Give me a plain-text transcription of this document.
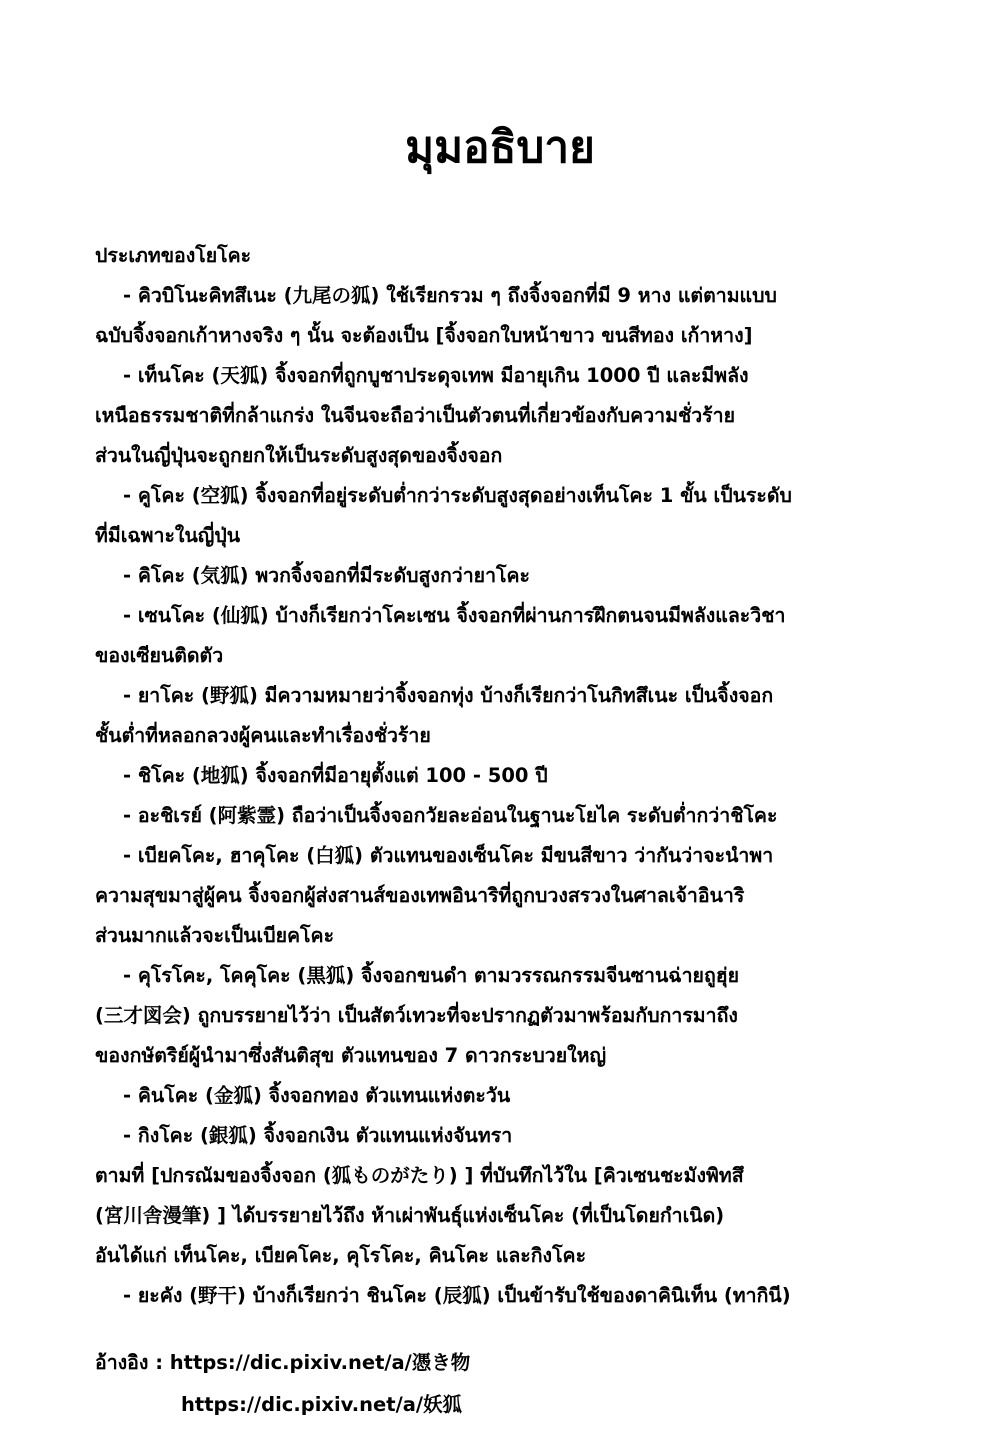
มุมอธิบาย
ประเภทของโยโคะ
- คิวบิโนะคิทสึเนะ (九尾の狐) ใช้เรียกรวม ๆ ถึงจิ้งจอกที่มี 9 หาง แต่ตามแบบ
ฉบับจิ้งจอกเก้าหางจริง ๆ นั้น จะต้องเป็น [จิ้งจอกใบหน้าขาว ขนสีทอง เก้าหาง]
- เท็นโคะ (天狐) จิ้งจอกที่ถูกบูชาประดุจเทพ มีอายุเกิน 1000 ปี และมีพลัง
เหนือธรรมชาติที่กล้าแกร่ง ในจีนจะถือว่าเป็นตัวตนที่เกี่ยวข้องกับความชั่วร้าย
ส่วนในญี่ปุ่นจะถูกยกให้เป็นระดับสูงสุดของจิ้งจอก
- คูโคะ (空狐) จิ้งจอกที่อยู่ระดับต่ำกว่าระดับสูงสุดอย่างเท็นโคะ 1 ขั้น เป็นระดับ
ที่มีเฉพาะในญี่ปุ่น
- คิโคะ (気狐) พวกจิ้งจอกที่มีระดับสูงกว่ายาโคะ
- เซนโคะ (仙狐) บ้างก็เรียกว่าโคะเซน จิ้งจอกที่ผ่านการฝึกตนจนมีพลังและวิชา
ของเซียนติดตัว
- ยาโคะ (野狐) มีความหมายว่าจิ้งจอกทุ่ง บ้างก็เรียกว่าโนกิทสึเนะ เป็นจิ้งจอก
ชั้นต่ำที่หลอกลวงผู้คนและทำเรื่องชั่วร้าย
- ชิโคะ (地狐) จิ้งจอกที่มีอายุตั้งแต่ 100 - 500 ปี
- อะชิเรย์ (阿紫霊) ถือว่าเป็นจิ้งจอกวัยละอ่อนในฐานะโยไค ระดับต่ำกว่าชิโคะ
- เบียคโคะ, ฮาคุโคะ (白狐) ตัวแทนของเซ็นโคะ มีขนสีขาว ว่ากันว่าจะนำพา
ความสุขมาสู่ผู้คน จิ้งจอกผู้ส่งสานส์ของเทพอินาริที่ถูกบวงสรวงในศาลเจ้าอินาริ
ส่วนมากแล้วจะเป็นเบียคโคะ
- คุโรโคะ, โคคุโคะ (黒狐) จิ้งจอกขนดำ ตามวรรณกรรมจีนซานฉ่ายถูฮุ่ย
(三才図会) ถูกบรรยายไว้ว่า เป็นสัตว์เทวะที่จะปรากฏตัวมาพร้อมกับการมาถึง
ของกษัตริย์ผู้นำมาซึ่งสันติสุข ตัวแทนของ 7 ดาวกระบวยใหญ่
- คินโคะ (金狐) จิ้งจอกทอง ตัวแทนแห่งตะวัน
- กิงโคะ (銀狐) จิ้งจอกเงิน ตัวแทนแห่งจันทรา
ตามที่ [ปกรณัมของจิ้งจอก (狐ものがたり) ] ที่บันทึกไว้ใน [คิวเซนชะมังพิทสึ
(宮川舎漫筆) ] ได้บรรยายไว้ถึง ห้าเผ่าพันธุ์แห่งเซ็นโคะ (ที่เป็นโดยกำเนิด)
อันได้แก่ เท็นโคะ, เบียคโคะ, คุโรโคะ, คินโคะ และกิงโคะ
- ยะคัง (野干) บ้างก็เรียกว่า ชินโคะ (辰狐) เป็นข้ารับใช้ของดาคินิเท็น (ทากินี)
อ้างอิง : https://dic.pixiv.net/a/憑き物
https://dic.pixiv.net/a/妖狐
